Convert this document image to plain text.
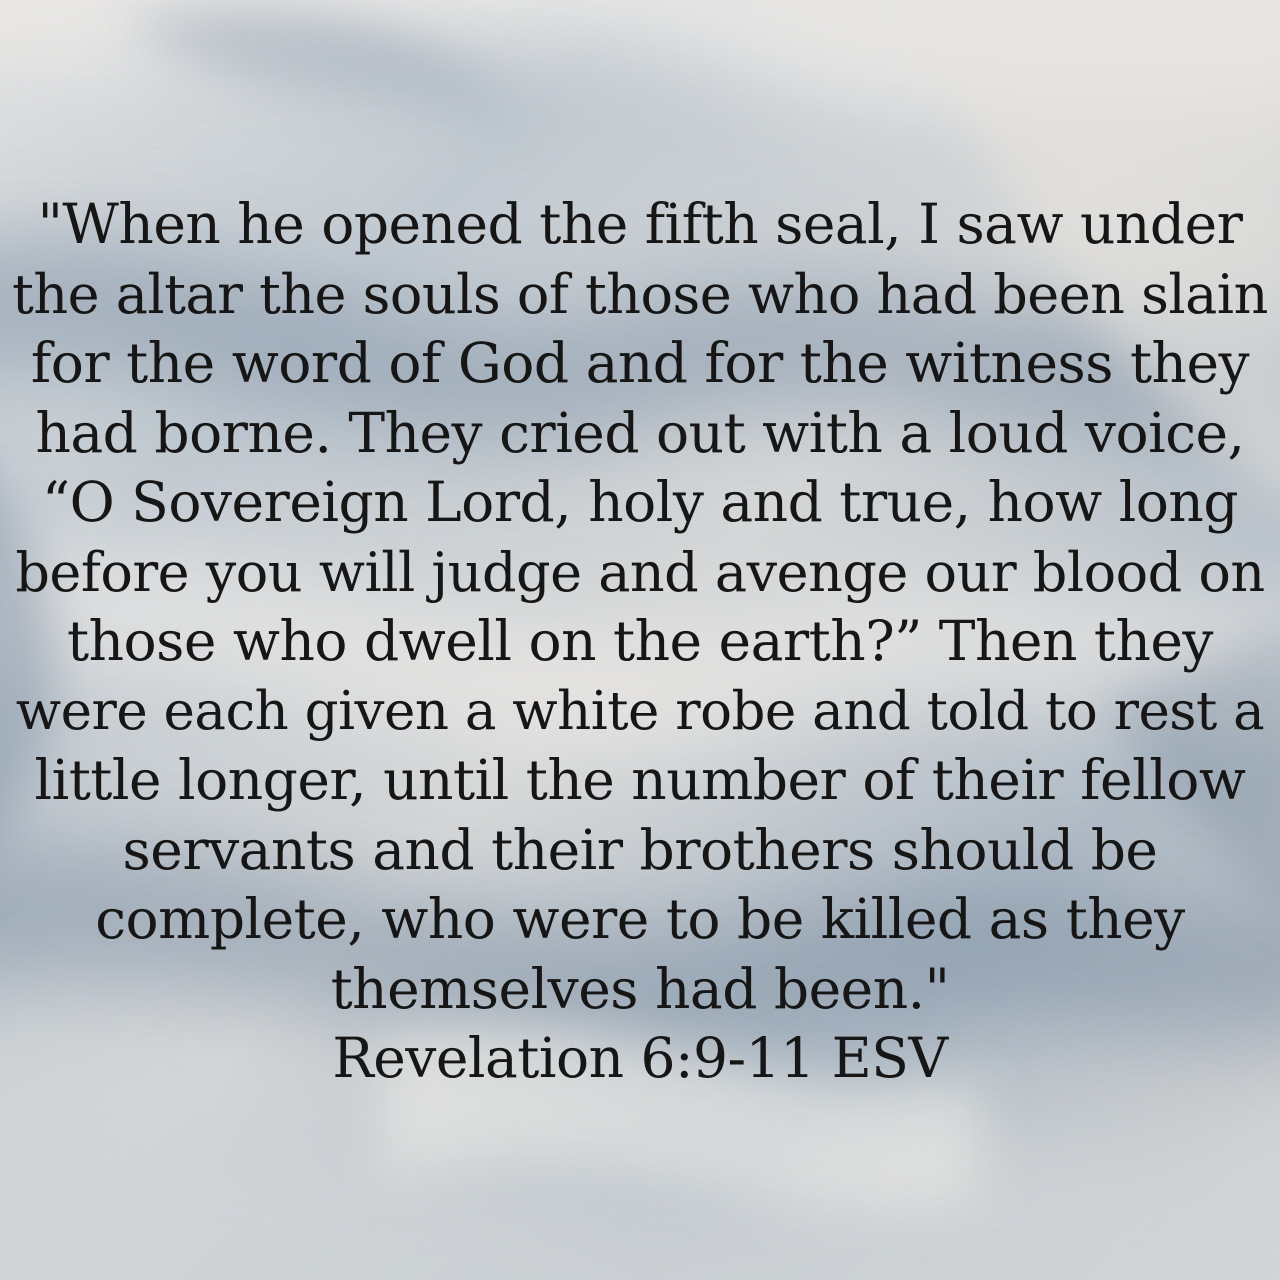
"When he opened the fifth seal, I saw under
the altar the souls of those who had been slain
for the word of God and for the witness they
had borne. They cried out with a loud voice,
“O Sovereign Lord, holy and true, how long
before you will judge and avenge our blood on
those who dwell on the earth?” Then they
were each given a white robe and told to rest a
little longer, until the number of their fellow
servants and their brothers should be
complete, who were to be killed as they
themselves had been."
Revelation 6:9-11 ESV
